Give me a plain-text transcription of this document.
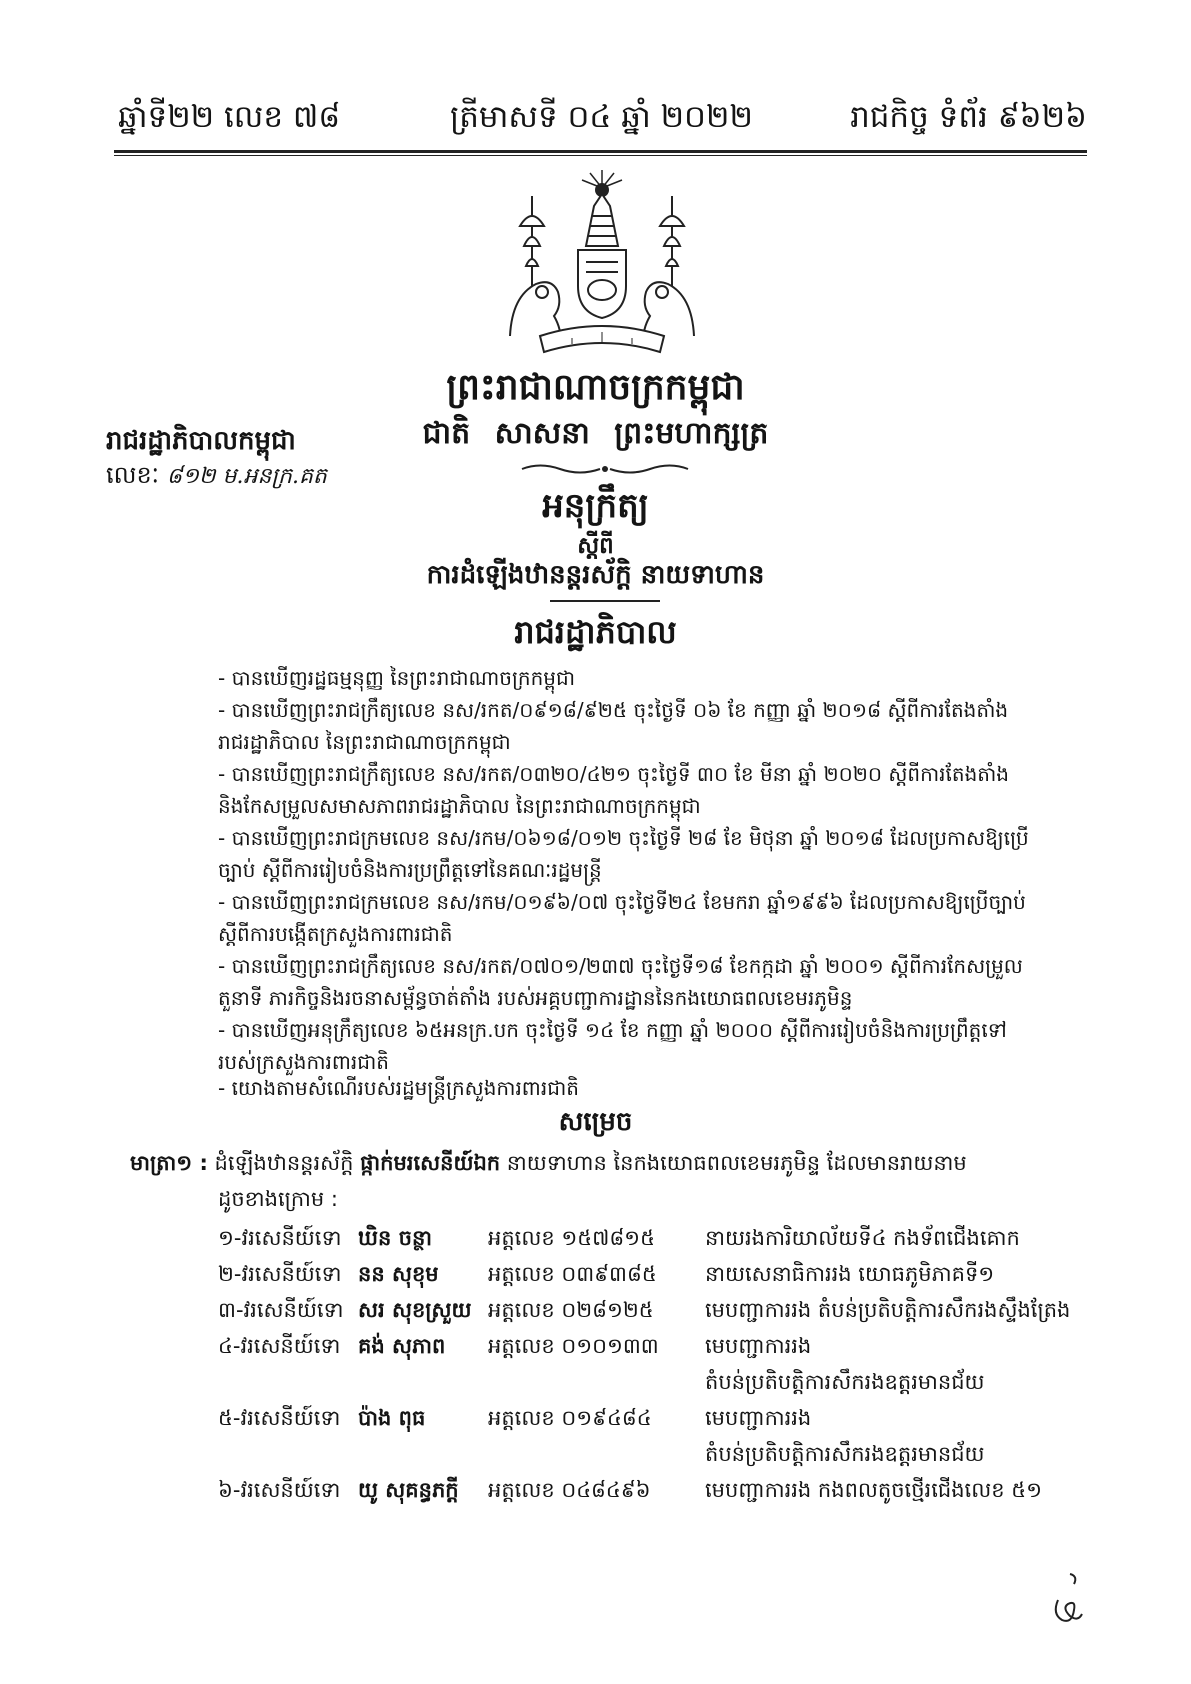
ឆ្នាំទី២២ លេខ ៧៨	ត្រីមាសទី ០៤ ឆ្នាំ ២០២២	រាជកិច្ច ទំព័រ ៩៦២៦
ព្រះរាជាណាចក្រកម្ពុជា
ជាតិ សាសនា ព្រះមហាក្សត្រ
រាជរដ្ឋាភិបាលកម្ពុជា
លេខៈ ៨១២ ម.អនក្រ.គត
អនុក្រឹត្យ
ស្តីពី
ការដំឡើងឋានន្តរស័ក្តិ នាយទាហាន
រាជរដ្ឋាភិបាល
- បានឃើញរដ្ឋធម្មនុញ្ញ នៃព្រះរាជាណាចក្រកម្ពុជា
- បានឃើញព្រះរាជក្រឹត្យលេខ នស/រកត/០៩១៨/៩២៥ ចុះថ្ងៃទី ០៦ ខែ កញ្ញា ឆ្នាំ ២០១៨ ស្តីពីការតែងតាំង
រាជរដ្ឋាភិបាល នៃព្រះរាជាណាចក្រកម្ពុជា
- បានឃើញព្រះរាជក្រឹត្យលេខ នស/រកត/០៣២០/៤២១ ចុះថ្ងៃទី ៣០ ខែ មីនា ឆ្នាំ ២០២០ ស្តីពីការតែងតាំង
និងកែសម្រួលសមាសភាពរាជរដ្ឋាភិបាល នៃព្រះរាជាណាចក្រកម្ពុជា
- បានឃើញព្រះរាជក្រមលេខ នស/រកម/០៦១៨/០១២ ចុះថ្ងៃទី ២៨ ខែ មិថុនា ឆ្នាំ ២០១៨ ដែលប្រកាសឱ្យប្រើ
ច្បាប់ ស្តីពីការរៀបចំនិងការប្រព្រឹត្តទៅនៃគណៈរដ្ឋមន្ត្រី
- បានឃើញព្រះរាជក្រមលេខ នស/រកម/០១៩៦/០៧ ចុះថ្ងៃទី២៤ ខែមករា ឆ្នាំ១៩៩៦ ដែលប្រកាសឱ្យប្រើច្បាប់
ស្តីពីការបង្កើតក្រសួងការពារជាតិ
- បានឃើញព្រះរាជក្រឹត្យលេខ នស/រកត/០៧០១/២៣៧ ចុះថ្ងៃទី១៨ ខែកក្កដា ឆ្នាំ ២០០១ ស្តីពីការកែសម្រួល
តួនាទី ភារកិច្ចនិងរចនាសម្ព័ន្ធចាត់តាំង របស់អគ្គបញ្ជាការដ្ឋាននៃកងយោធពលខេមរភូមិន្ទ
- បានឃើញអនុក្រឹត្យលេខ ៦៥អនក្រ.បក ចុះថ្ងៃទី ១៤ ខែ កញ្ញា ឆ្នាំ ២០០០ ស្តីពីការរៀបចំនិងការប្រព្រឹត្តទៅ
របស់ក្រសួងការពារជាតិ
- យោងតាមសំណើរបស់រដ្ឋមន្ត្រីក្រសួងការពារជាតិ
សម្រេច
មាត្រា១ : ដំឡើងឋានន្តរស័ក្តិ ផ្កាក់មរសេនីយ៍ឯក នាយទាហាន នៃកងយោធពលខេមរភូមិន្ទ ដែលមានរាយនាម
ដូចខាងក្រោម :
១-វរសេនីយ៍ទោ ឃិន ចន្ថា	អត្តលេខ ១៥៧៨១៥ នាយរងការិយាល័យទី៤ កងទ័ពជើងគោក
២-វរសេនីយ៍ទោ នន សុខុម អត្តលេខ ០៣៩៣៨៥ នាយសេនាធិការរង យោធភូមិភាគទី១
៣-វរសេនីយ៍ទោ សរ សុខស្រួយ អត្តលេខ ០២៨១២៥ មេបញ្ជាការរង តំបន់ប្រតិបត្តិការសឹករងស្ទឹងត្រែង
៤-វរសេនីយ៍ទោ គង់ សុភាព អត្តលេខ ០១០១៣៣ មេបញ្ជាការរង
តំបន់ប្រតិបត្តិការសឹករងឧត្តរមានជ័យ
៥-វរសេនីយ៍ទោ ប៉ាង ពុធ	អត្តលេខ ០១៩៤៨៤	មេបញ្ជាការរង
តំបន់ប្រតិបត្តិការសឹករងឧត្តរមានជ័យ
៦-វរសេនីយ៍ទោ យូ សុគន្ធភក្តី អត្តលេខ ០៤៨៤៩៦	មេបញ្ជាការរង កងពលតូចថ្មើរជើងលេខ ៥១
